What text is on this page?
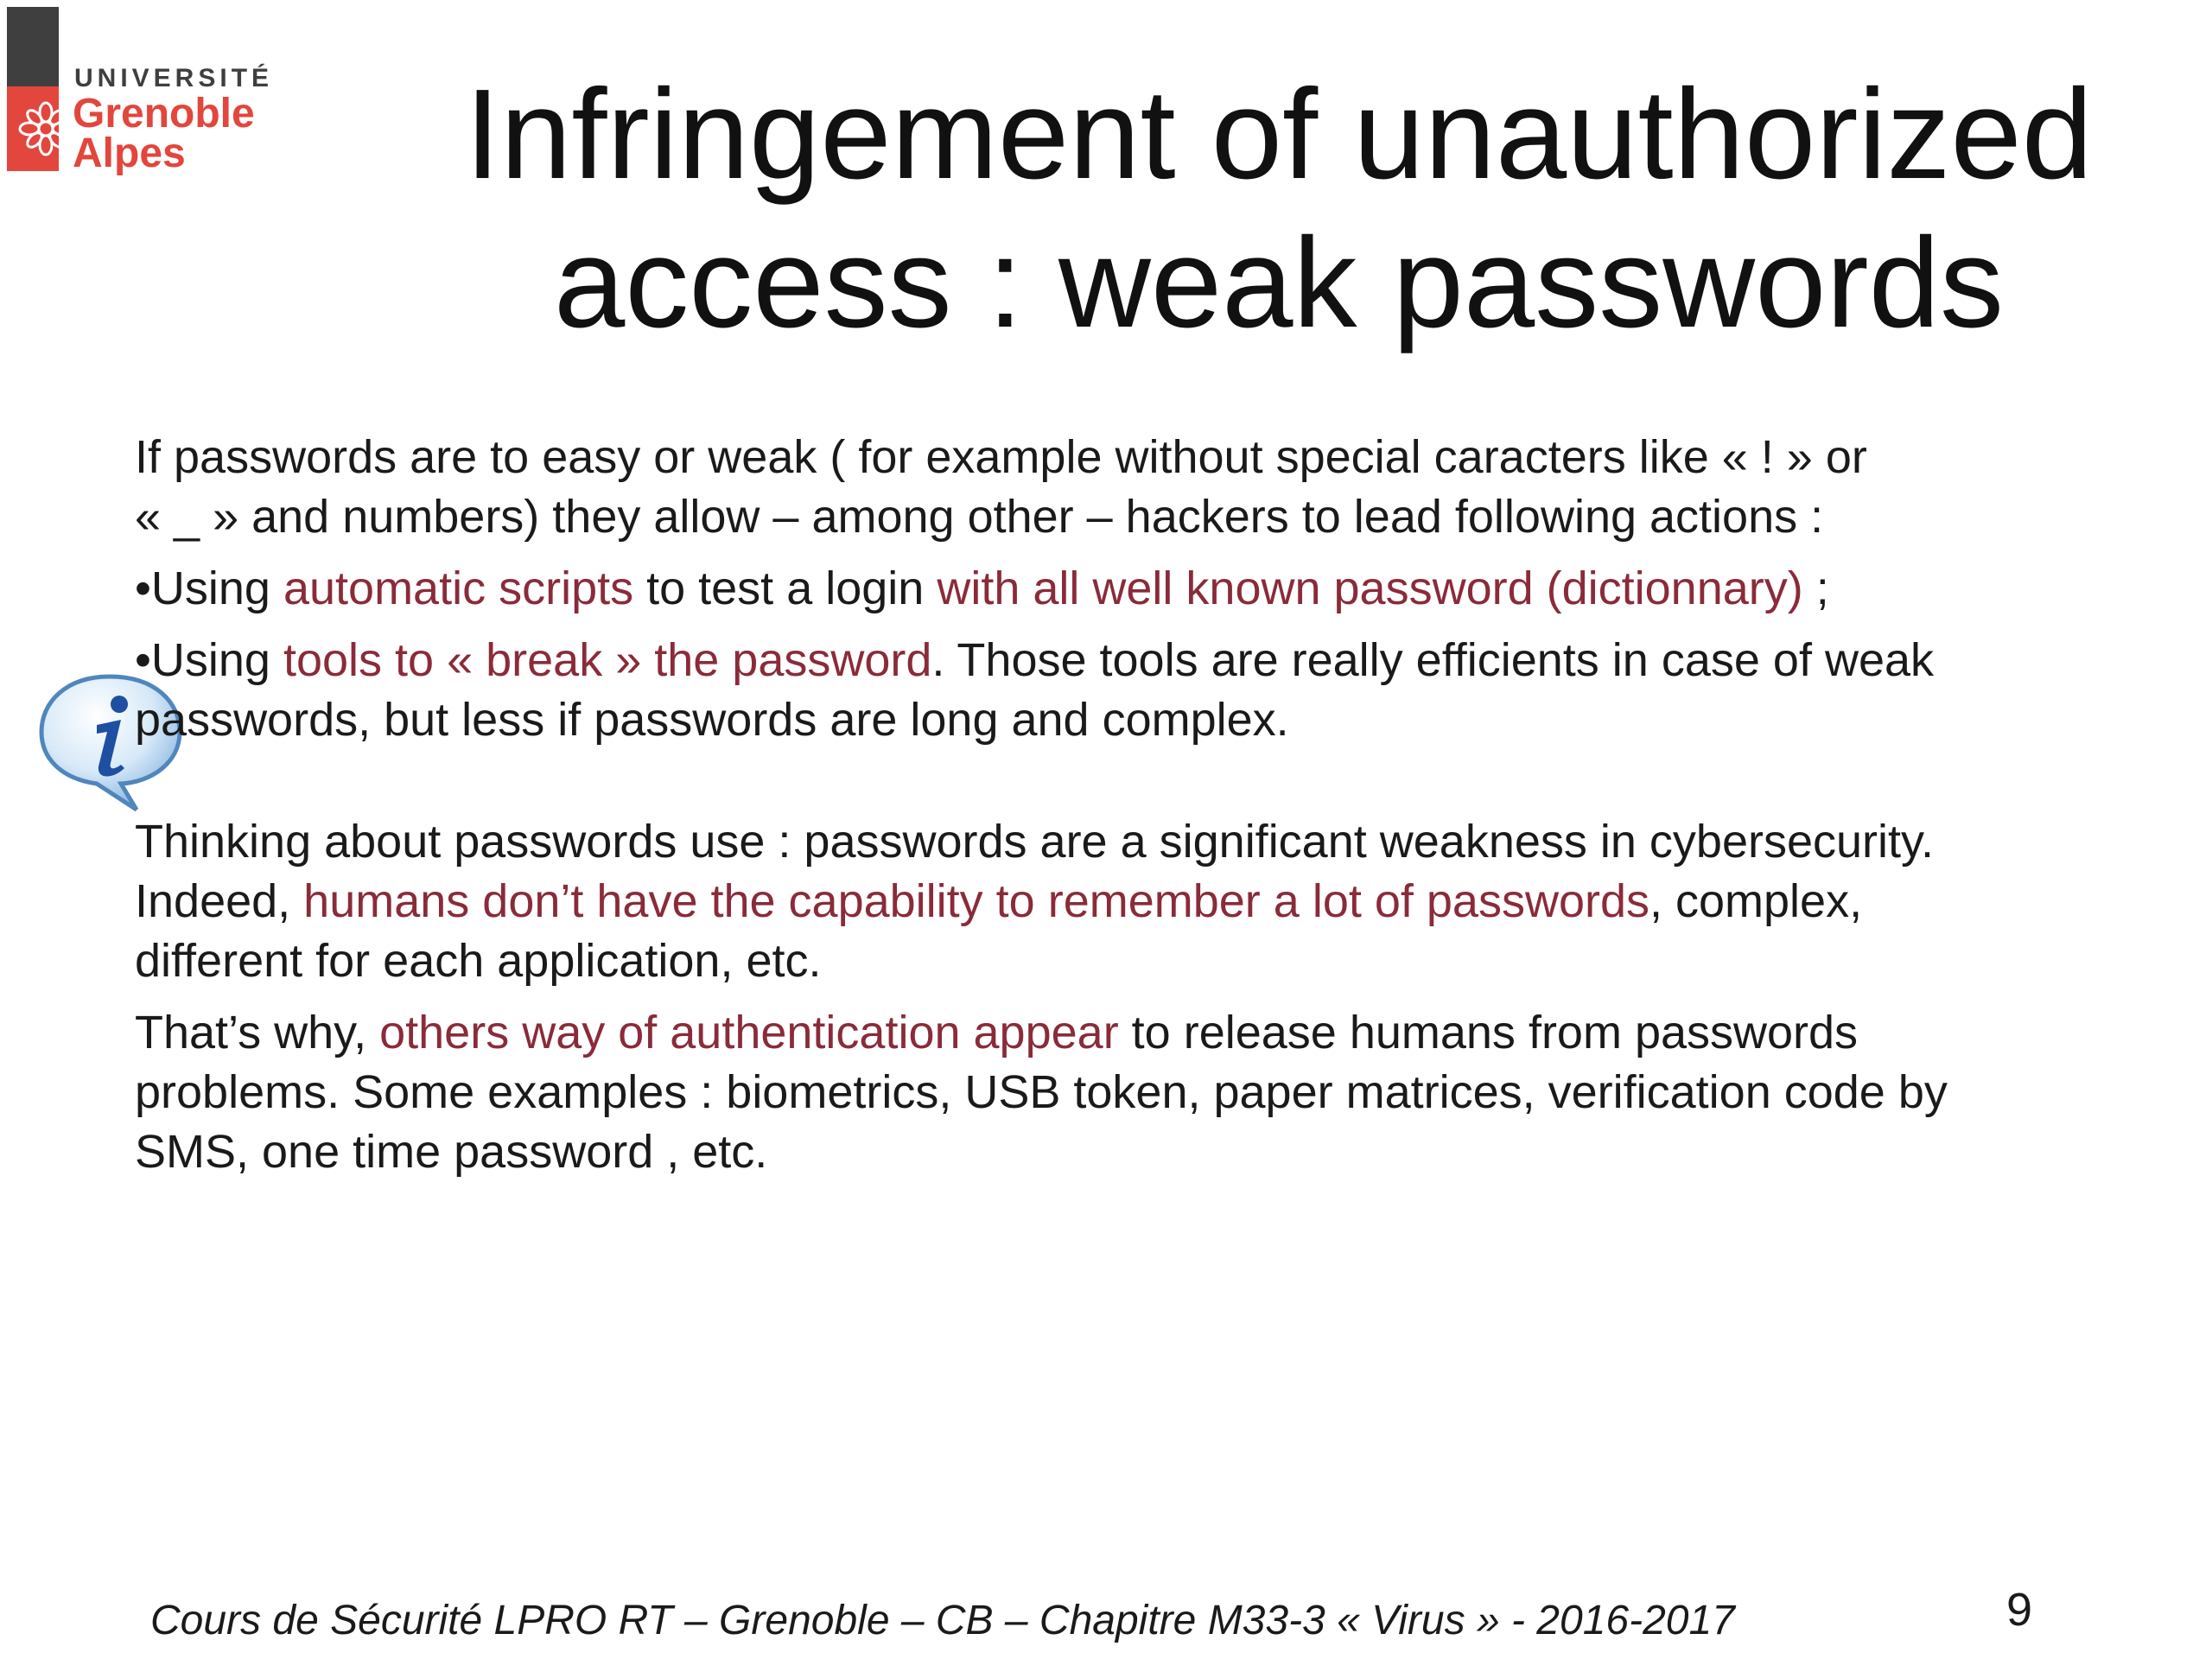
UNIVERSITÉ
Grenoble
Alpes Infringement of unauthorized
access : weak passwords

If passwords are to easy or weak ( for example without special caracters like « ! » or

« _ » and numbers) they allow – among other – hackers to lead following actions :

•Using automatic scripts to test a login with all well known password (dictionnary) ;

•Using tools to « break » the password. Those tools are really efficients in case of weak

passwords, but less if passwords are long and complex.

Thinking about passwords use : passwords are a significant weakness in cybersecurity.

Indeed, humans don’t have the capability to remember a lot of passwords, complex,

different for each application, etc.

That’s why, others way of authentication appear to release humans from passwords

problems. Some examples : biometrics, USB token, paper matrices, verification code by

SMS, one time password , etc.

Cours de Sécurité LPRO RT – Grenoble – CB – Chapitre M33-3 « Virus » - 2016-2017	9
